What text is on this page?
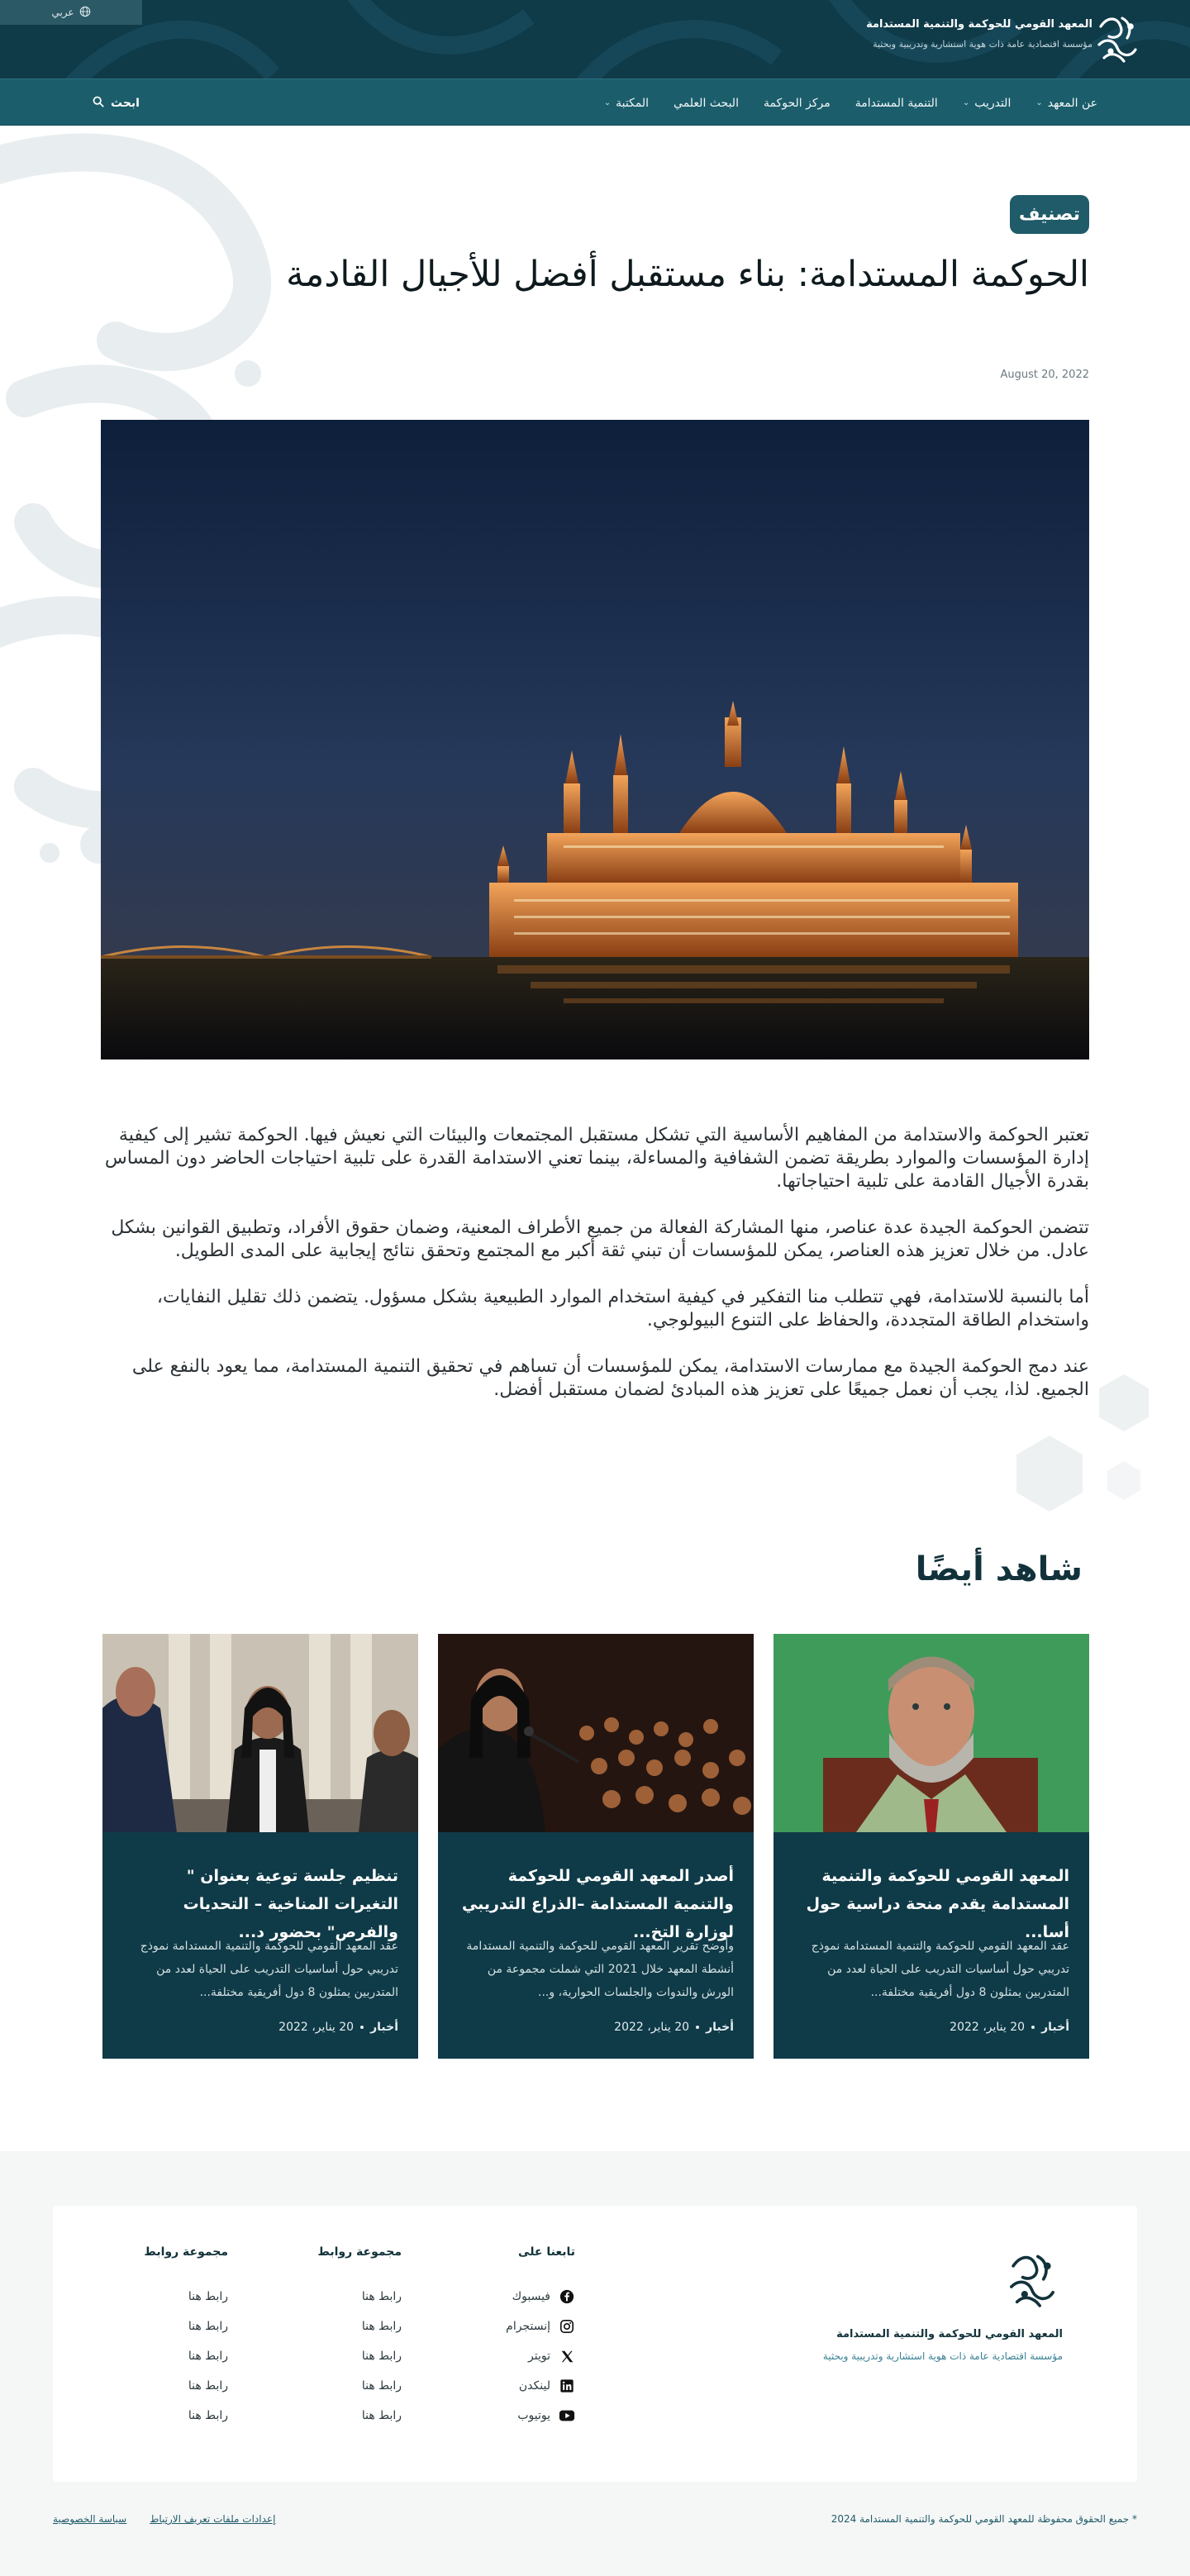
عربي
المعهد القومي للحوكمة والتنمية المستدامة
مؤسسة اقتصادية عامة ذات هوية استشارية وتدريبية وبحثية
عن المعهد
⌄
التدريب
⌄
التنمية المستدامة
مركز الحوكمة
البحث العلمي
المكتبة
⌄
ابحث
تصنيف
الحوكمة المستدامة: بناء مستقبل أفضل للأجيال القادمة
August 20, 2022

تعتبر الحوكمة والاستدامة من المفاهيم الأساسية التي تشكل مستقبل المجتمعات والبيئات التي نعيش فيها. الحوكمة تشير إلى كيفية إدارة المؤسسات والموارد بطريقة تضمن الشفافية والمساءلة، بينما تعني الاستدامة القدرة على تلبية احتياجات الحاضر دون المساس بقدرة الأجيال القادمة على تلبية احتياجاتها.

تتضمن الحوكمة الجيدة عدة عناصر، منها المشاركة الفعالة من جميع الأطراف المعنية، وضمان حقوق الأفراد، وتطبيق القوانين بشكل عادل. من خلال تعزيز هذه العناصر، يمكن للمؤسسات أن تبني ثقة أكبر مع المجتمع وتحقق نتائج إيجابية على المدى الطويل.

أما بالنسبة للاستدامة، فهي تتطلب منا التفكير في كيفية استخدام الموارد الطبيعية بشكل مسؤول. يتضمن ذلك تقليل النفايات، واستخدام الطاقة المتجددة، والحفاظ على التنوع البيولوجي.

عند دمج الحوكمة الجيدة مع ممارسات الاستدامة، يمكن للمؤسسات أن تساهم في تحقيق التنمية المستدامة، مما يعود بالنفع على الجميع. لذا، يجب أن نعمل جميعًا على تعزيز هذه المبادئ لضمان مستقبل أفضل.

شاهد أيضًا
المعهد القومي للحوكمة والتنمية المستدامة يقدم منحة دراسية حول أسا...

عقد المعهد القومي للحوكمة والتنمية المستدامة نموذج تدريبي حول أساسيات التدريب على الحياة لعدد من المتدربين يمثلون 8 دول أفريقية مختلفة...

أخبار
20 يناير، 2022
أصدر المعهد القومي للحوكمة والتنمية المستدامة –الذراع التدريبي لوزارة التخ...

وأوضح تقرير المعهد القومي للحوكمة والتنمية المستدامة أنشطة المعهد خلال 2021 التي شملت مجموعة من الورش والندوات والجلسات الحوارية، و...

أخبار
20 يناير، 2022
تنظيم جلسة توعية بعنوان " التغيرات المناخية – التحديات والفرص" بحضور د...

عقد المعهد القومي للحوكمة والتنمية المستدامة نموذج تدريبي حول أساسيات التدريب على الحياة لعدد من المتدربين يمثلون 8 دول أفريقية مختلفة...

أخبار
20 يناير، 2022
المعهد القومي للحوكمة والتنمية المستدامة
مؤسسة اقتصادية عامة ذات هوية استشارية وتدريبية وبحثية
تابعنا على
فيسبوك
إنستجرام
تويتر
لينكدن
يوتيوب
مجموعة روابط
رابط هنا
رابط هنا
رابط هنا
رابط هنا
رابط هنا
مجموعة روابط
رابط هنا
رابط هنا
رابط هنا
رابط هنا
رابط هنا
* جميع الحقوق محفوظة للمعهد القومي للحوكمة والتنمية المستدامة 2024
سياسة الخصوصية إعدادات ملفات تعريف الارتباط
